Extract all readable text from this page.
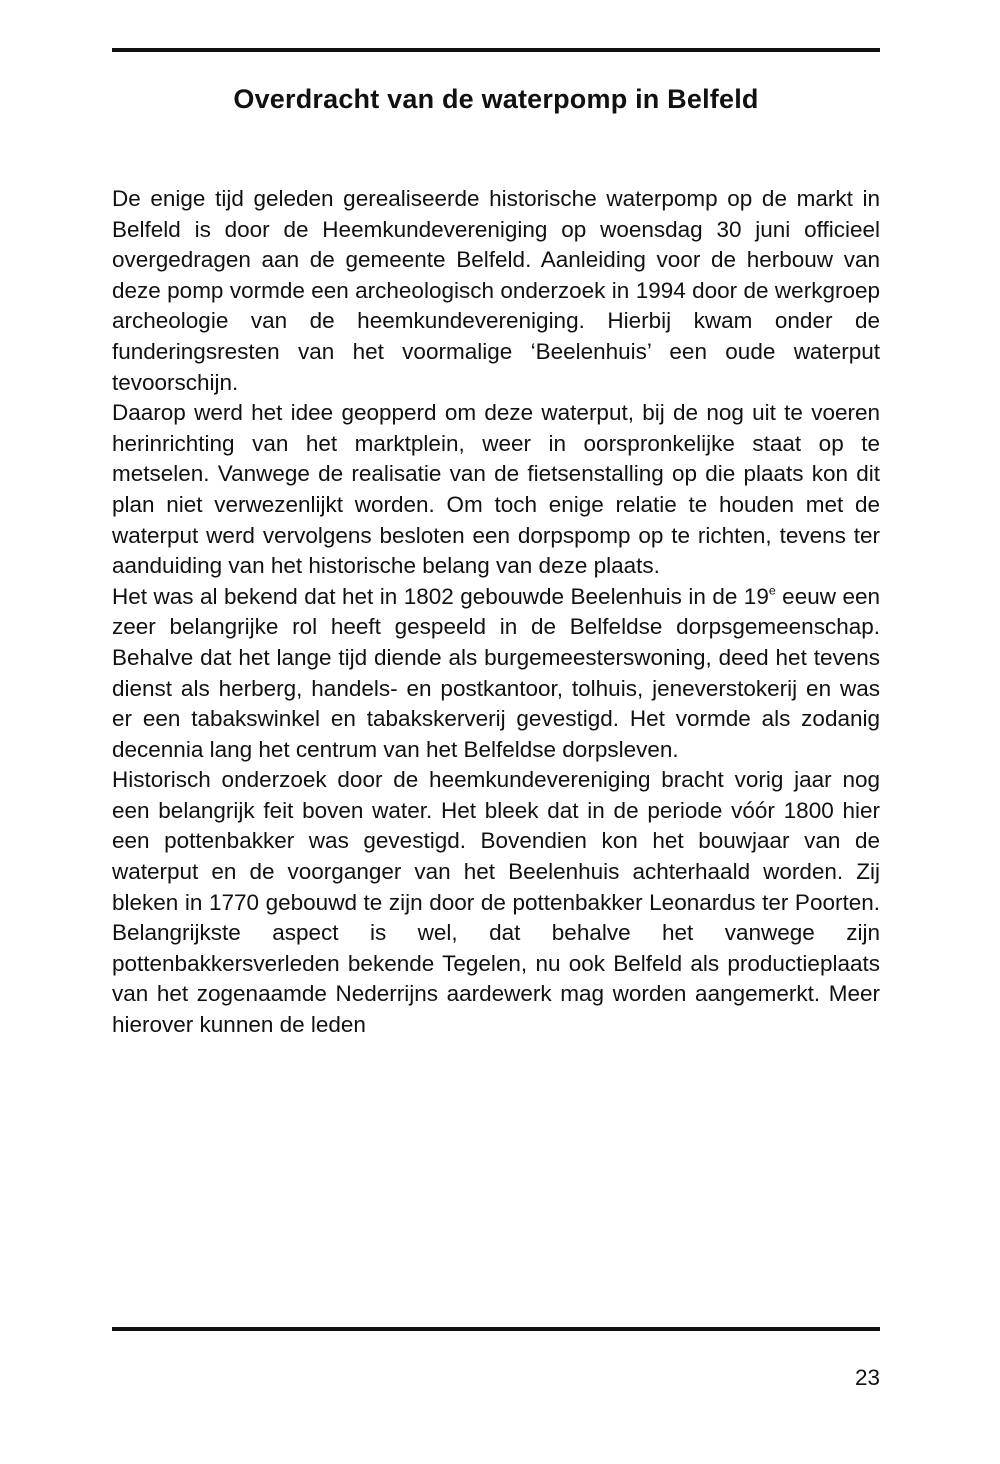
Overdracht van de waterpomp in Belfeld

De enige tijd geleden gerealiseerde historische waterpomp op de markt in Belfeld is door de Heemkundevereniging op woensdag 30 juni officieel overgedragen aan de gemeente Belfeld. Aanleiding voor de herbouw van deze pomp vormde een archeologisch onderzoek in 1994 door de werkgroep archeologie van de heemkundevereniging. Hierbij kwam onder de funderingsresten van het voormalige ‘Beelenhuis’ een oude waterput tevoorschijn.

Daarop werd het idee geopperd om deze waterput, bij de nog uit te voeren herinrichting van het marktplein, weer in oorspronkelijke staat op te metselen. Vanwege de realisatie van de fietsenstalling op die plaats kon dit plan niet verwezenlijkt worden. Om toch enige relatie te houden met de waterput werd vervolgens besloten een dorpspomp op te richten, tevens ter aanduiding van het historische belang van deze plaats.

Het was al bekend dat het in 1802 gebouwde Beelenhuis in de 19e eeuw een zeer belangrijke rol heeft gespeeld in de Belfeldse dorpsgemeenschap. Behalve dat het lange tijd diende als burgemeesterswoning, deed het tevens dienst als herberg, handels- en postkantoor, tolhuis, jeneverstokerij en was er een tabakswinkel en tabakskerverij gevestigd. Het vormde als zodanig decennia lang het centrum van het Belfeldse dorpsleven.

Historisch onderzoek door de heemkundevereniging bracht vorig jaar nog een belangrijk feit boven water. Het bleek dat in de periode vóór 1800 hier een pottenbakker was gevestigd. Bovendien kon het bouwjaar van de waterput en de voorganger van het Beelenhuis achterhaald worden. Zij bleken in 1770 gebouwd te zijn door de pottenbakker Leonardus ter Poorten. Belangrijkste aspect is wel, dat behalve het vanwege zijn pottenbakkersverleden bekende Tegelen, nu ook Belfeld als productieplaats van het zogenaamde Nederrijns aardewerk mag worden aangemerkt. Meer hierover kunnen de leden

23
